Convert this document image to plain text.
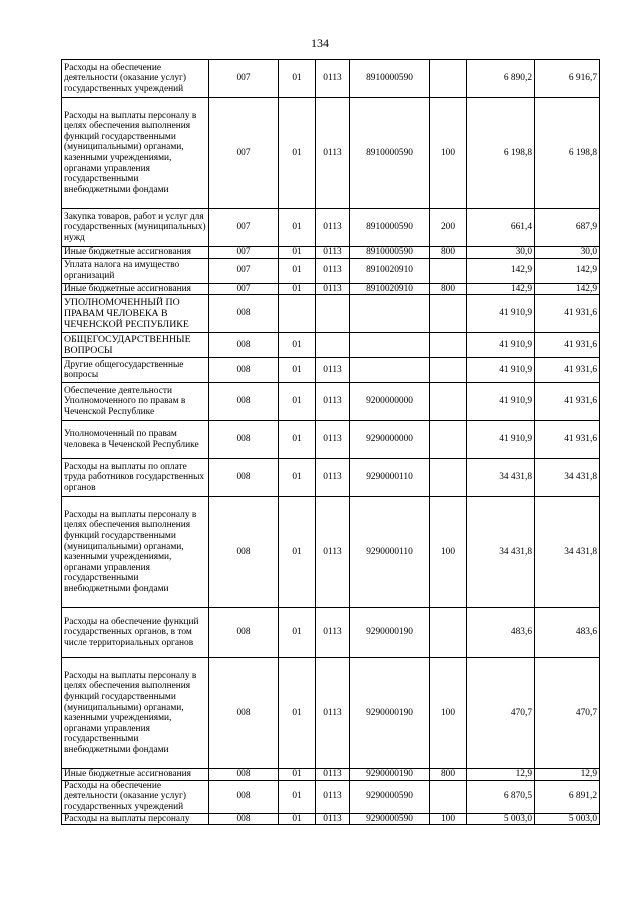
134
Расходы на обеспечение деятельности (оказание услуг) государственных учреждений	007	01	0113	8910000590		6 890,2	6 916,7
Расходы на выплаты персоналу в целях обеспечения выполнения функций государственными (муниципальными) органами, казенными учреждениями, органами управления государственными внебюджетными фондами	007	01	0113	8910000590	100	6 198,8	6 198,8
Закупка товаров, работ и услуг для государственных (муниципальных) нужд	007	01	0113	8910000590	200	661,4	687,9
Иные бюджетные ассигнования	007	01	0113	8910000590	800	30,0	30,0
Уплата налога на имущество организаций	007	01	0113	8910020910		142,9	142,9
Иные бюджетные ассигнования	007	01	0113	8910020910	800	142,9	142,9
УПОЛНОМОЧЕННЫЙ ПО ПРАВАМ ЧЕЛОВЕКА В ЧЕЧЕНСКОЙ РЕСПУБЛИКЕ	008					41 910,9	41 931,6
ОБЩЕГОСУДАРСТВЕННЫЕ ВОПРОСЫ	008	01				41 910,9	41 931,6
Другие общегосударственные вопросы	008	01	0113			41 910,9	41 931,6
Обеспечение деятельности Уполномоченного по правам в Чеченской Республике	008	01	0113	9200000000		41 910,9	41 931,6
Уполномоченный по правам человека в Чеченской Республике	008	01	0113	9290000000		41 910,9	41 931,6
Расходы на выплаты по оплате труда работников государственных органов	008	01	0113	9290000110		34 431,8	34 431,8
Расходы на выплаты персоналу в целях обеспечения выполнения функций государственными (муниципальными) органами, казенными учреждениями, органами управления государственными внебюджетными фондами	008	01	0113	9290000110	100	34 431,8	34 431,8
Расходы на обеспечение функций государственных органов, в том числе территориальных органов	008	01	0113	9290000190		483,6	483,6
Расходы на выплаты персоналу в целях обеспечения выполнения функций государственными (муниципальными) органами, казенными учреждениями, органами управления государственными внебюджетными фондами	008	01	0113	9290000190	100	470,7	470,7
Иные бюджетные ассигнования	008	01	0113	9290000190	800	12,9	12,9
Расходы на обеспечение деятельности (оказание услуг) государственных учреждений	008	01	0113	9290000590		6 870,5	6 891,2
Расходы на выплаты персоналу	008	01	0113	9290000590	100	5 003,0	5 003,0
